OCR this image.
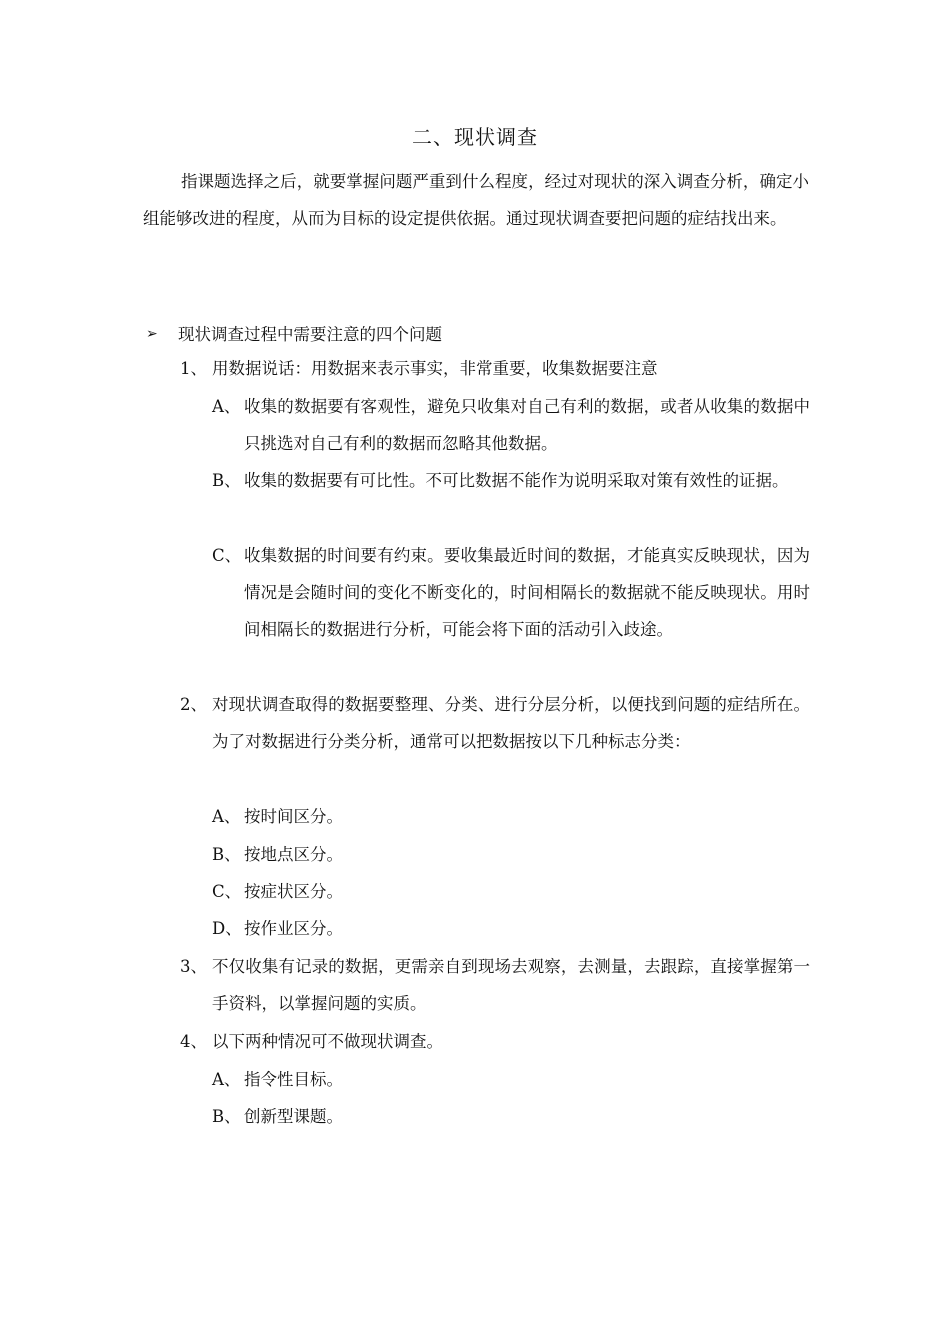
二、现状调查
指课题选择之后，就要掌握问题严重到什么程度，经过对现状的深入调查分析，确定小组能够改进的程度，从而为目标的设定提供依据。通过现状调查要把问题的症结找出来。
➢ 现状调查过程中需要注意的四个问题
1、 用数据说话：用数据来表示事实，非常重要，收集数据要注意
A、 收集的数据要有客观性，避免只收集对自己有利的数据，或者从收集的数据中只挑选对自己有利的数据而忽略其他数据。
B、 收集的数据要有可比性。不可比数据不能作为说明采取对策有效性的证据。
C、 收集数据的时间要有约束。要收集最近时间的数据，才能真实反映现状，因为情况是会随时间的变化不断变化的，时间相隔长的数据就不能反映现状。用时间相隔长的数据进行分析，可能会将下面的活动引入歧途。
2、 对现状调查取得的数据要整理、分类、进行分层分析，以便找到问题的症结所在。为了对数据进行分类分析，通常可以把数据按以下几种标志分类：
A、 按时间区分。
B、 按地点区分。
C、 按症状区分。
D、 按作业区分。
3、 不仅收集有记录的数据，更需亲自到现场去观察，去测量，去跟踪，直接掌握第一手资料，以掌握问题的实质。
4、 以下两种情况可不做现状调查。
A、 指令性目标。
B、 创新型课题。
